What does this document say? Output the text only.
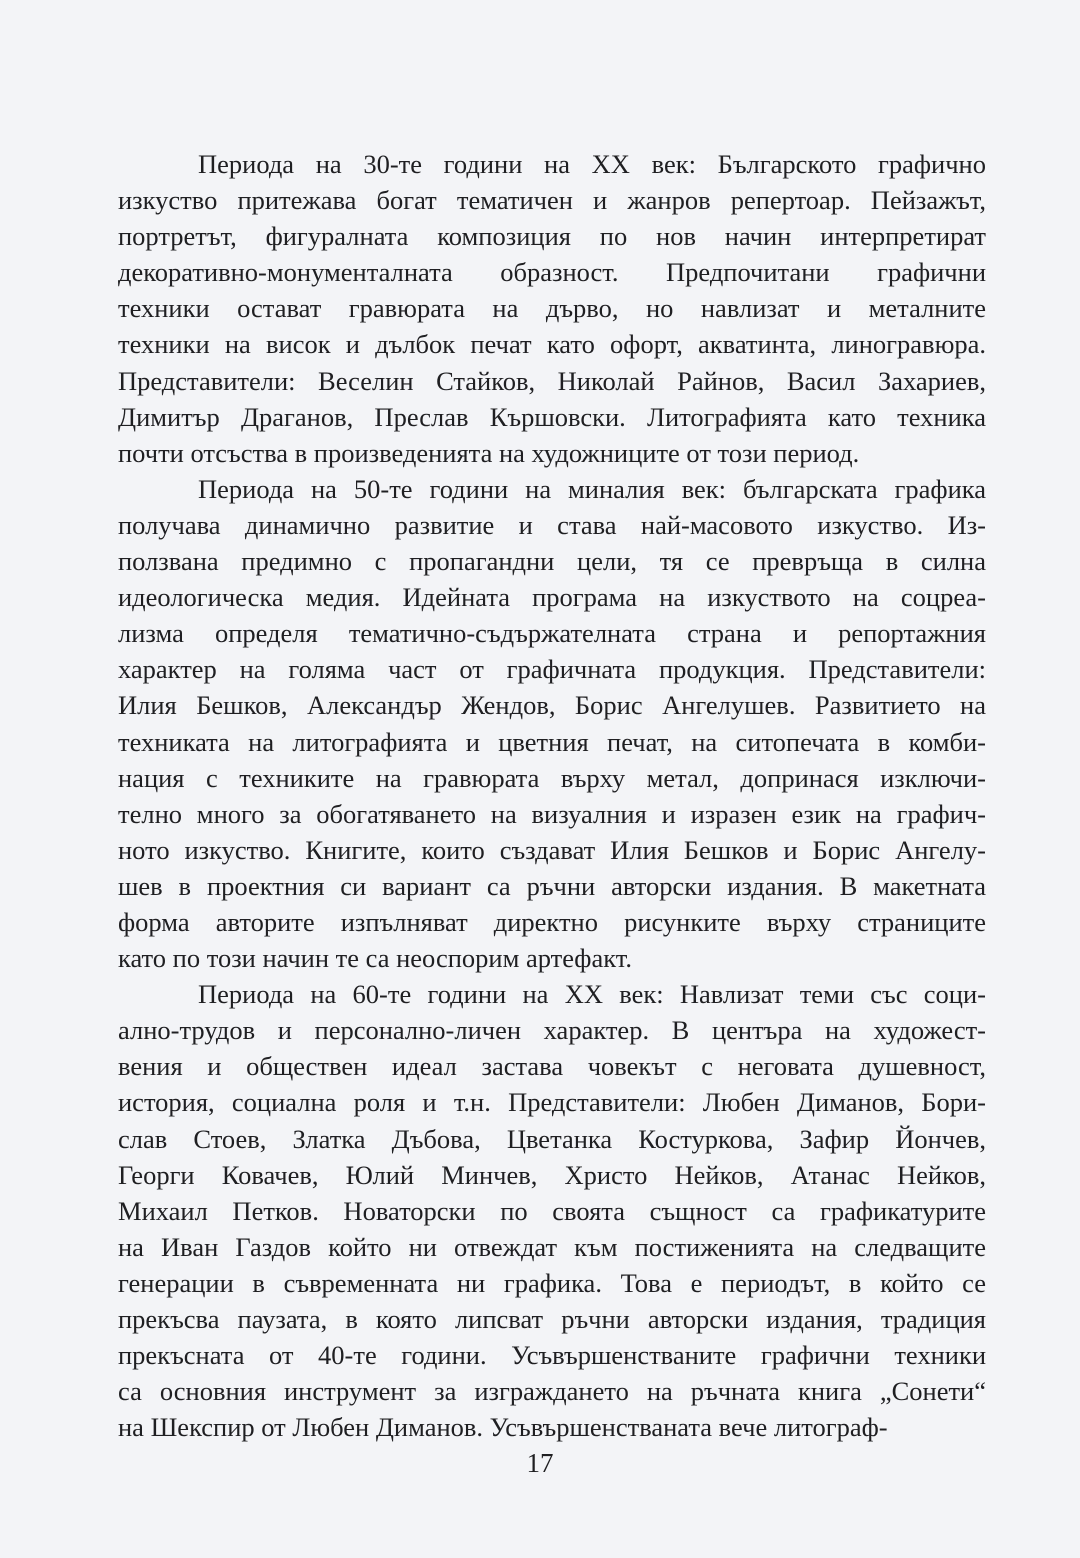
Периода на 30-те години на ХХ век: Българското графично
изкуство притежава богат тематичен и жанров репертоар. Пейзажът,
портретът, фигуралната композиция по нов начин интерпретират
декоративно-монументалната образност. Предпочитани графични
техники остават гравюрата на дърво, но навлизат и металните
техники на висок и дълбок печат като офорт, акватинта, линогравюра.
Представители: Веселин Стайков, Николай Райнов, Васил Захариев,
Димитър Драганов, Преслав Кършовски. Литографията като техника
почти отсъства в произведенията на художниците от този период.
Периода на 50-те години на миналия век: българската графика
получава динамично развитие и става най-масовото изкуство. Из-
ползвана предимно с пропагандни цели, тя се превръща в силна
идеологическа медия. Идейната програма на изкуството на соцреа-
лизма определя тематично-съдържателната страна и репортажния
характер на голяма част от графичната продукция. Представители:
Илия Бешков, Александър Жендов, Борис Ангелушев. Развитието на
техниката на литографията и цветния печат, на ситопечата в комби-
нация с техниките на гравюрата върху метал, допринася изключи-
телно много за обогатяването на визуалния и изразен език на графич-
ното изкуство. Книгите, които създават Илия Бешков и Борис Ангелу-
шев в проектния си вариант са ръчни авторски издания. В макетната
форма авторите изпълняват директно рисунките върху страниците
като по този начин те са неоспорим артефакт.
Периода на 60-те години на ХХ век: Навлизат теми със соци-
ално-трудов и персонално-личен характер. В центъра на художест-
вения и обществен идеал застава човекът с неговата душевност,
история, социална роля и т.н. Представители: Любен Диманов, Бори-
слав Стоев, Златка Дъбова, Цветанка Костуркова, Зафир Йончев,
Георги Ковачев, Юлий Минчев, Христо Нейков, Атанас Нейков,
Михаил Петков. Новаторски по своята същност са графикатурите
на Иван Газдов който ни отвеждат към постиженията на следващите
генерации в съвременната ни графика. Това е периодът, в който се
прекъсва паузата, в която липсват ръчни авторски издания, традиция
прекъсната от 40-те години. Усъвършенстваните графични техники
са основния инструмент за изграждането на ръчната книга „Сонети“
на Шекспир от Любен Диманов. Усъвършенстваната вече литограф-
17
